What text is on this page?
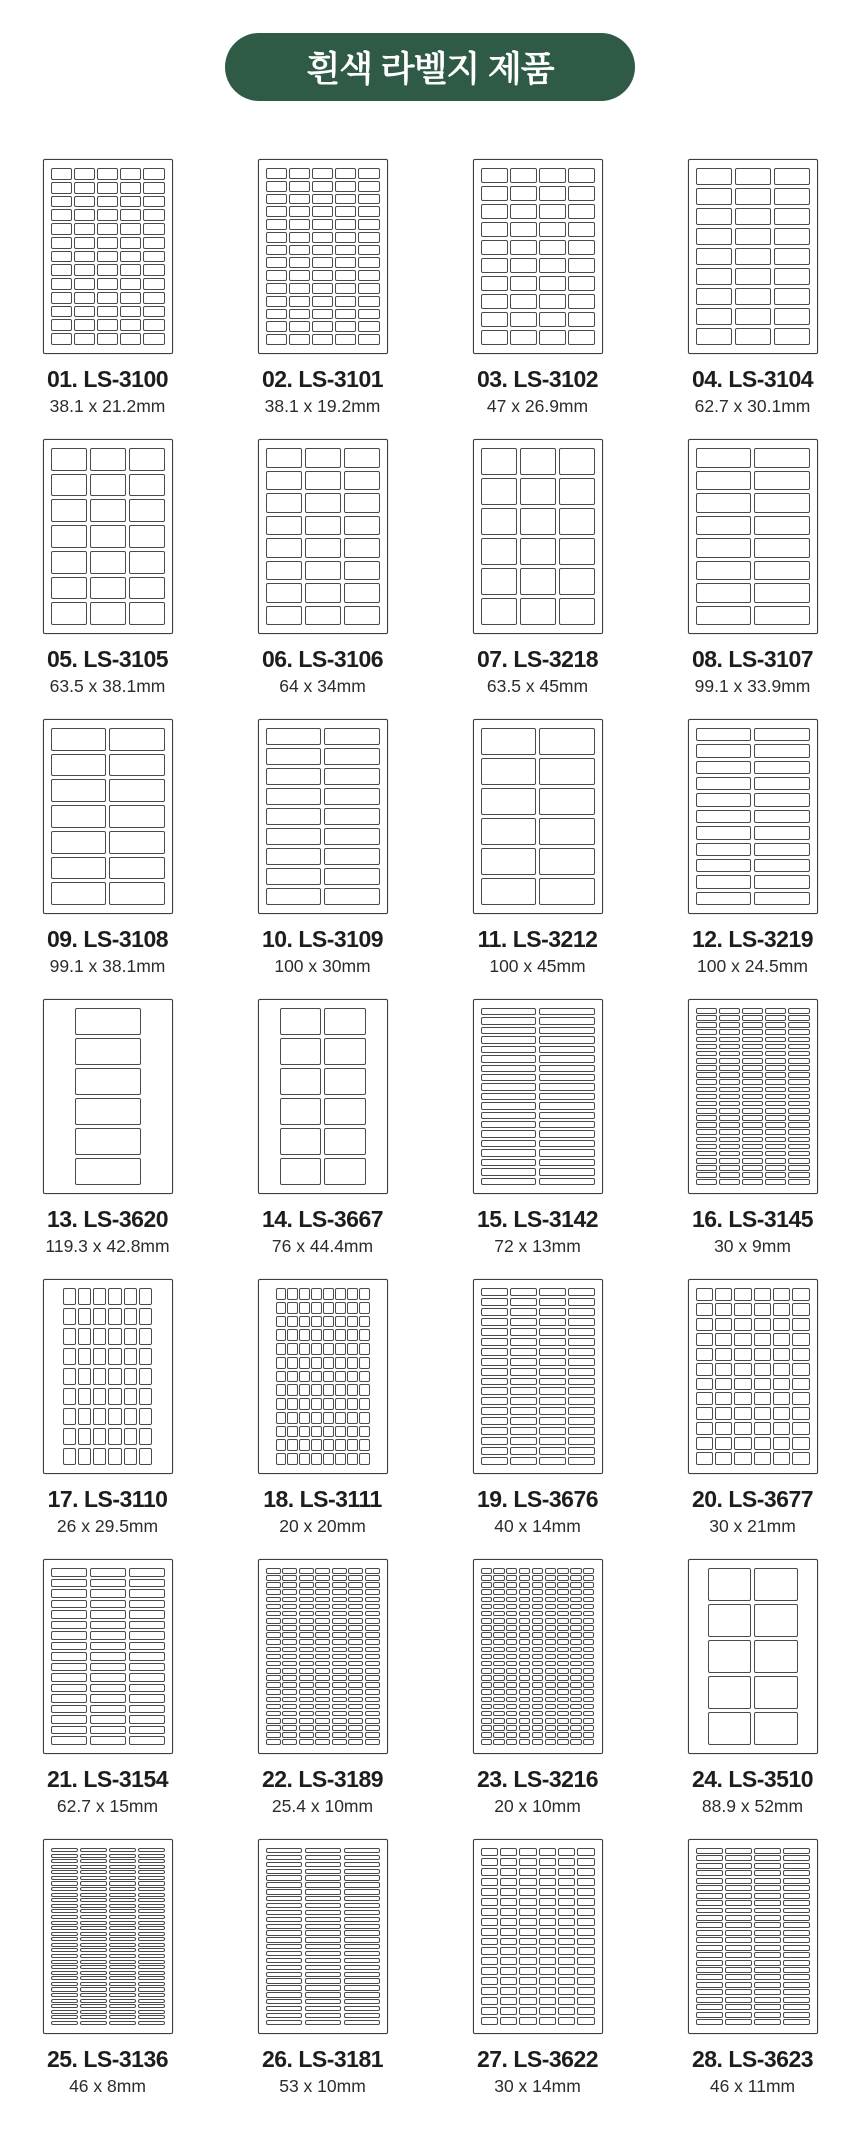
흰색 라벨지 제품
01. LS-3100
38.1 x 21.2mm
02. LS-3101
38.1 x 19.2mm
03. LS-3102
47 x 26.9mm
04. LS-3104
62.7 x 30.1mm
05. LS-3105
63.5 x 38.1mm
06. LS-3106
64 x 34mm
07. LS-3218
63.5 x 45mm
08. LS-3107
99.1 x 33.9mm
09. LS-3108
99.1 x 38.1mm
10. LS-3109
100 x 30mm
11. LS-3212
100 x 45mm
12. LS-3219
100 x 24.5mm
13. LS-3620
119.3 x 42.8mm
14. LS-3667
76 x 44.4mm
15. LS-3142
72 x 13mm
16. LS-3145
30 x 9mm
17. LS-3110
26 x 29.5mm
18. LS-3111
20 x 20mm
19. LS-3676
40 x 14mm
20. LS-3677
30 x 21mm
21. LS-3154
62.7 x 15mm
22. LS-3189
25.4 x 10mm
23. LS-3216
20 x 10mm
24. LS-3510
88.9 x 52mm
25. LS-3136
46 x 8mm
26. LS-3181
53 x 10mm
27. LS-3622
30 x 14mm
28. LS-3623
46 x 11mm
